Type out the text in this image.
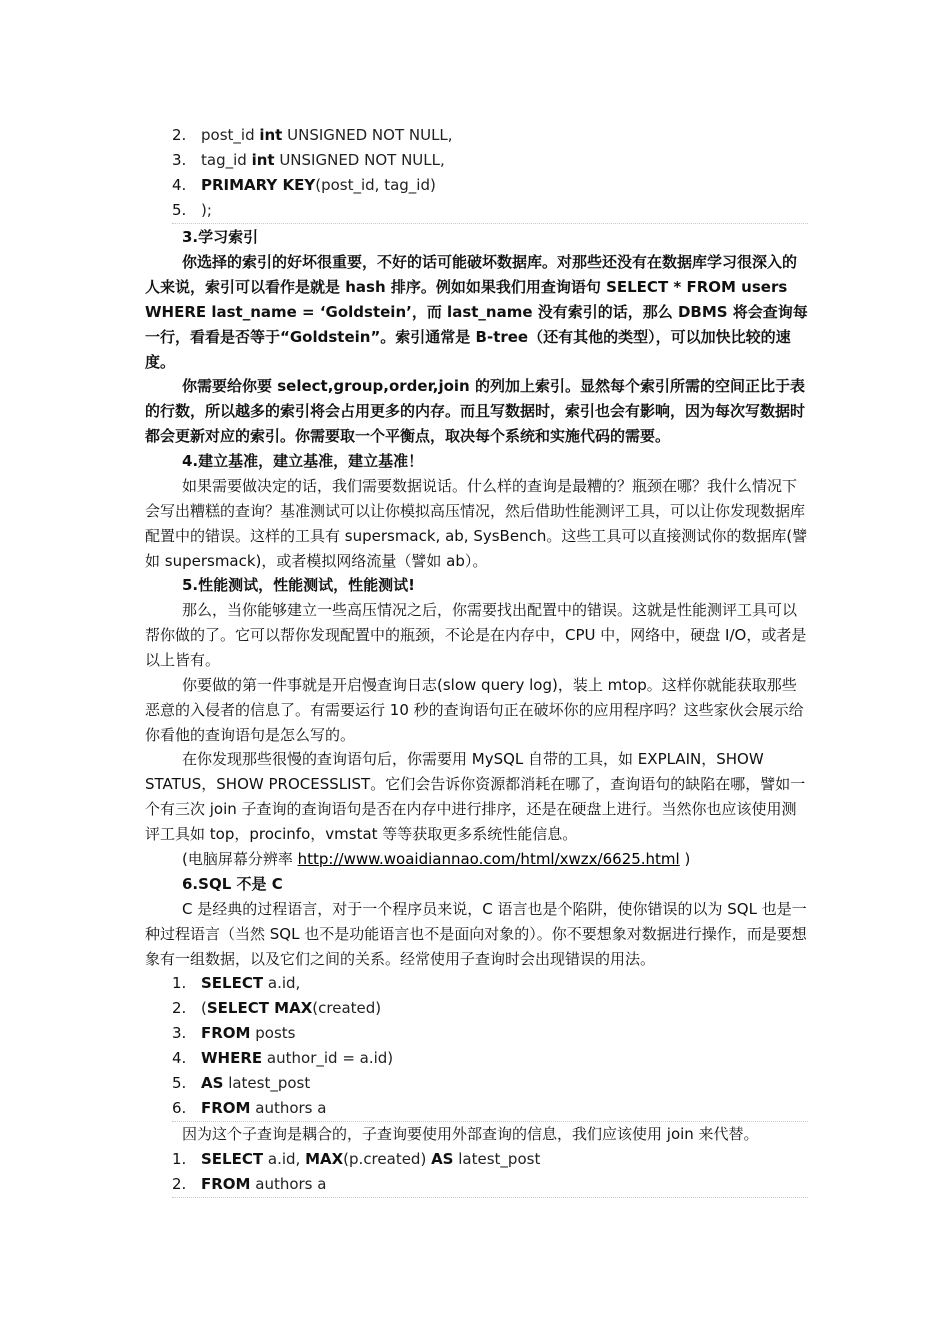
2. post_id int UNSIGNED NOT NULL,
3. tag_id int UNSIGNED NOT NULL,
4. PRIMARY KEY(post_id, tag_id)
5. );
3.学习索引

你选择的索引的好坏很重要，不好的话可能破坏数据库。对那些还没有在数据库学习很深入的人来说，索引可以看作是就是 hash 排序。例如如果我们用查询语句 SELECT * FROM users WHERE last_name = ‘Goldstein’，而 last_name 没有索引的话，那么 DBMS 将会查询每一行，看看是否等于“Goldstein”。索引通常是 B-tree（还有其他的类型），可以加快比较的速度。

你需要给你要 select,group,order,join 的列加上索引。显然每个索引所需的空间正比于表的行数，所以越多的索引将会占用更多的内存。而且写数据时，索引也会有影响，因为每次写数据时都会更新对应的索引。你需要取一个平衡点，取决每个系统和实施代码的需要。

4.建立基准，建立基准，建立基准！

如果需要做决定的话，我们需要数据说话。什么样的查询是最糟的？瓶颈在哪？我什么情况下会写出糟糕的查询？基准测试可以让你模拟高压情况，然后借助性能测评工具，可以让你发现数据库配置中的错误。这样的工具有 supersmack, ab, SysBench。这些工具可以直接测试你的数据库(譬如 supersmack)，或者模拟网络流量（譬如 ab）。

5.性能测试，性能测试，性能测试!

那么，当你能够建立一些高压情况之后，你需要找出配置中的错误。这就是性能测评工具可以帮你做的了。它可以帮你发现配置中的瓶颈，不论是在内存中，CPU 中，网络中，硬盘 I/O，或者是以上皆有。

你要做的第一件事就是开启慢查询日志(slow query log)，装上 mtop。这样你就能获取那些恶意的入侵者的信息了。有需要运行 10 秒的查询语句正在破坏你的应用程序吗？这些家伙会展示给你看他的查询语句是怎么写的。

在你发现那些很慢的查询语句后，你需要用 MySQL 自带的工具，如 EXPLAIN，SHOW STATUS，SHOW PROCESSLIST。它们会告诉你资源都消耗在哪了，查询语句的缺陷在哪，譬如一个有三次 join 子查询的查询语句是否在内存中进行排序，还是在硬盘上进行。当然你也应该使用测评工具如 top，procinfo，vmstat 等等获取更多系统性能信息。

(电脑屏幕分辨率 http://www.woaidiannao.com/html/xwzx/6625.html )

6.SQL 不是 C

C 是经典的过程语言，对于一个程序员来说，C 语言也是个陷阱，使你错误的以为 SQL 也是一种过程语言（当然 SQL 也不是功能语言也不是面向对象的）。你不要想象对数据进行操作，而是要想象有一组数据，以及它们之间的关系。经常使用子查询时会出现错误的用法。

1. SELECT a.id,
2. (SELECT MAX(created)
3. FROM posts
4. WHERE author_id = a.id)
5. AS latest_post
6. FROM authors a

因为这个子查询是耦合的，子查询要使用外部查询的信息，我们应该使用 join 来代替。

1. SELECT a.id, MAX(p.created) AS latest_post
2. FROM authors a
